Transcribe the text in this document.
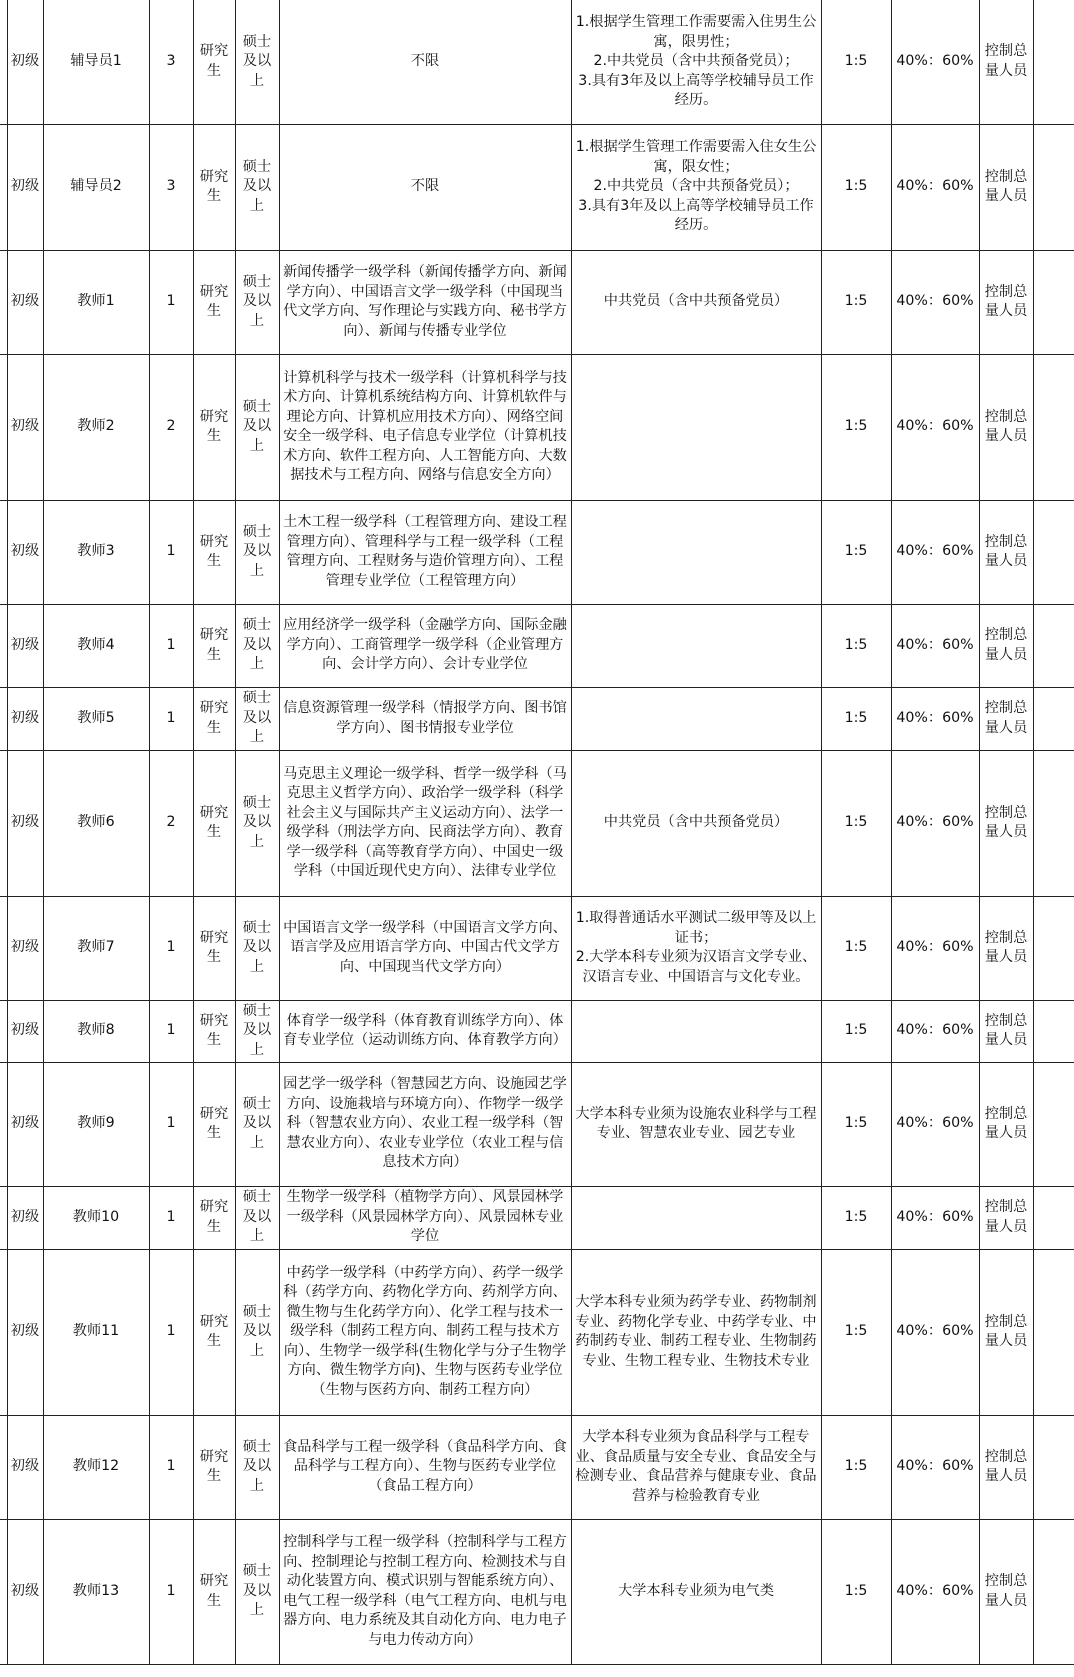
	初级	辅导员1	3	研究生	硕士及以上	不限	1.根据学生管理工作需要需入住男生公寓，限男性；
2.中共党员（含中共预备党员）；
3.具有3年及以上高等学校辅导员工作经历。	1:5	40%：60%	控制总量人员	
	初级	辅导员2	3	研究生	硕士及以上	不限	1.根据学生管理工作需要需入住女生公寓，限女性；
2.中共党员（含中共预备党员）；
3.具有3年及以上高等学校辅导员工作经历。	1:5	40%：60%	控制总量人员	
	初级	教师1	1	研究生	硕士及以上	新闻传播学一级学科（新闻传播学方向、新闻学方向）、中国语言文学一级学科（中国现当代文学方向、写作理论与实践方向、秘书学方向）、新闻与传播专业学位	中共党员（含中共预备党员）	1:5	40%：60%	控制总量人员	
	初级	教师2	2	研究生	硕士及以上	计算机科学与技术一级学科（计算机科学与技术方向、计算机系统结构方向、计算机软件与理论方向、计算机应用技术方向）、网络空间安全一级学科、电子信息专业学位（计算机技术方向、软件工程方向、人工智能方向、大数据技术与工程方向、网络与信息安全方向）		1:5	40%：60%	控制总量人员	
	初级	教师3	1	研究生	硕士及以上	土木工程一级学科（工程管理方向、建设工程管理方向）、管理科学与工程一级学科（工程管理方向、工程财务与造价管理方向）、工程管理专业学位（工程管理方向）		1:5	40%：60%	控制总量人员	
	初级	教师4	1	研究生	硕士及以上	应用经济学一级学科（金融学方向、国际金融学方向）、工商管理学一级学科（企业管理方向、会计学方向）、会计专业学位		1:5	40%：60%	控制总量人员	
	初级	教师5	1	研究生	硕士及以上	信息资源管理一级学科（情报学方向、图书馆学方向）、图书情报专业学位		1:5	40%：60%	控制总量人员	
	初级	教师6	2	研究生	硕士及以上	马克思主义理论一级学科、哲学一级学科（马克思主义哲学方向）、政治学一级学科（科学社会主义与国际共产主义运动方向）、法学一级学科（刑法学方向、民商法学方向）、教育学一级学科（高等教育学方向）、中国史一级学科（中国近现代史方向）、法律专业学位	中共党员（含中共预备党员）	1:5	40%：60%	控制总量人员	
	初级	教师7	1	研究生	硕士及以上	中国语言文学一级学科（中国语言文学方向、语言学及应用语言学方向、中国古代文学方向、中国现当代文学方向）	1.取得普通话水平测试二级甲等及以上证书；
2.大学本科专业须为汉语言文学专业、汉语言专业、中国语言与文化专业。	1:5	40%：60%	控制总量人员	
	初级	教师8	1	研究生	硕士及以上	体育学一级学科（体育教育训练学方向）、体育专业学位（运动训练方向、体育教学方向）		1:5	40%：60%	控制总量人员	
	初级	教师9	1	研究生	硕士及以上	园艺学一级学科（智慧园艺方向、设施园艺学方向、设施栽培与环境方向）、作物学一级学科（智慧农业方向）、农业工程一级学科（智慧农业方向）、农业专业学位（农业工程与信息技术方向）	大学本科专业须为设施农业科学与工程专业、智慧农业专业、园艺专业	1:5	40%：60%	控制总量人员	
	初级	教师10	1	研究生	硕士及以上	生物学一级学科（植物学方向）、风景园林学一级学科（风景园林学方向）、风景园林专业学位		1:5	40%：60%	控制总量人员	
	初级	教师11	1	研究生	硕士及以上	中药学一级学科（中药学方向）、药学一级学科（药学方向、药物化学方向、药剂学方向、微生物与生化药学方向）、化学工程与技术一级学科（制药工程方向、制药工程与技术方向）、生物学一级学科(生物化学与分子生物学方向、微生物学方向)、生物与医药专业学位（生物与医药方向、制药工程方向）	大学本科专业须为药学专业、药物制剂专业、药物化学专业、中药学专业、中药制药专业、制药工程专业、生物制药专业、生物工程专业、生物技术专业	1:5	40%：60%	控制总量人员	
	初级	教师12	1	研究生	硕士及以上	食品科学与工程一级学科（食品科学方向、食品科学与工程方向）、生物与医药专业学位（食品工程方向）	大学本科专业须为食品科学与工程专业、食品质量与安全专业、食品安全与检测专业、食品营养与健康专业、食品营养与检验教育专业	1:5	40%：60%	控制总量人员	
	初级	教师13	1	研究生	硕士及以上	控制科学与工程一级学科（控制科学与工程方向、控制理论与控制工程方向、检测技术与自动化装置方向、模式识别与智能系统方向）、电气工程一级学科（电气工程方向、电机与电器方向、电力系统及其自动化方向、电力电子与电力传动方向）	大学本科专业须为电气类	1:5	40%：60%	控制总量人员	
